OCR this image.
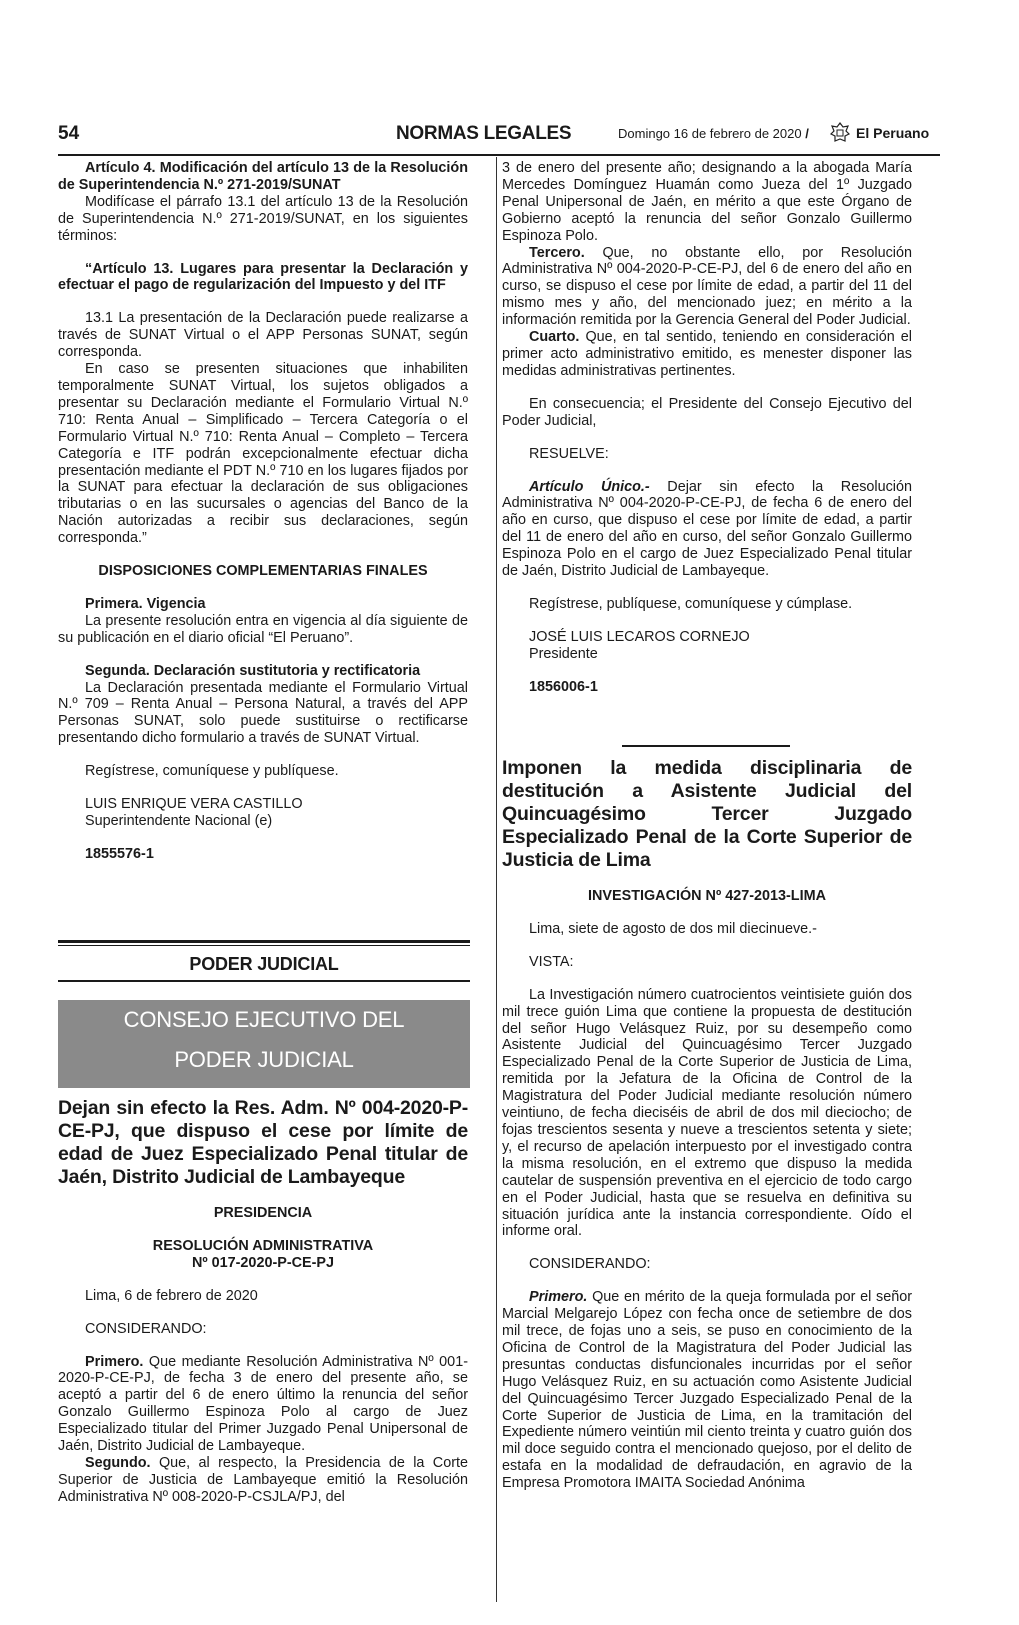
54	NORMAS LEGALES	Domingo 16 de febrero de 2020 /	El Peruano

Artículo 4. Modificación del artículo 13 de la Resolución de Superintendencia N.º 271-2019/SUNAT

Modifícase el párrafo 13.1 del artículo 13 de la Resolución de Superintendencia N.º 271-2019/SUNAT, en los siguientes términos:

“Artículo 13. Lugares para presentar la Declaración y efectuar el pago de regularización del Impuesto y del ITF

13.1 La presentación de la Declaración puede realizarse a través de SUNAT Virtual o el APP Personas SUNAT, según corresponda.

En caso se presenten situaciones que inhabiliten temporalmente SUNAT Virtual, los sujetos obligados a presentar su Declaración mediante el Formulario Virtual N.º 710: Renta Anual – Simplificado – Tercera Categoría o el Formulario Virtual N.º 710: Renta Anual – Completo – Tercera Categoría e ITF podrán excepcionalmente efectuar dicha presentación mediante el PDT N.º 710 en los lugares fijados por la SUNAT para efectuar la declaración de sus obligaciones tributarias o en las sucursales o agencias del Banco de la Nación autorizadas a recibir sus declaraciones, según corresponda.”

DISPOSICIONES COMPLEMENTARIAS FINALES

Primera. Vigencia

La presente resolución entra en vigencia al día siguiente de su publicación en el diario oficial “El Peruano”.

Segunda. Declaración sustitutoria y rectificatoria

La Declaración presentada mediante el Formulario Virtual N.º 709 – Renta Anual – Persona Natural, a través del APP Personas SUNAT, solo puede sustituirse o rectificarse presentando dicho formulario a través de SUNAT Virtual.

Regístrese, comuníquese y publíquese.

LUIS ENRIQUE VERA CASTILLO

Superintendente Nacional (e)

1855576-1

PODER JUDICIAL
CONSEJO EJECUTIVO DEL
PODER JUDICIAL

Dejan sin efecto la Res. Adm. Nº 004-2020-P-CE-PJ, que dispuso el cese por límite de edad de Juez Especializado Penal titular de Jaén, Distrito Judicial de Lambayeque

PRESIDENCIA

RESOLUCIÓN ADMINISTRATIVA

Nº 017-2020-P-CE-PJ

Lima, 6 de febrero de 2020

CONSIDERANDO:

Primero. Que mediante Resolución Administrativa Nº 001-2020-P-CE-PJ, de fecha 3 de enero del presente año, se aceptó a partir del 6 de enero último la renuncia del señor Gonzalo Guillermo Espinoza Polo al cargo de Juez Especializado titular del Primer Juzgado Penal Unipersonal de Jaén, Distrito Judicial de Lambayeque.

Segundo. Que, al respecto, la Presidencia de la Corte Superior de Justicia de Lambayeque emitió la Resolución Administrativa Nº 008-2020-P-CSJLA/PJ, del

3 de enero del presente año; designando a la abogada María Mercedes Domínguez Huamán como Jueza del 1º Juzgado Penal Unipersonal de Jaén, en mérito a que este Órgano de Gobierno aceptó la renuncia del señor Gonzalo Guillermo Espinoza Polo.

Tercero. Que, no obstante ello, por Resolución Administrativa Nº 004-2020-P-CE-PJ, del 6 de enero del año en curso, se dispuso el cese por límite de edad, a partir del 11 del mismo mes y año, del mencionado juez; en mérito a la información remitida por la Gerencia General del Poder Judicial.

Cuarto. Que, en tal sentido, teniendo en consideración el primer acto administrativo emitido, es menester disponer las medidas administrativas pertinentes.

En consecuencia; el Presidente del Consejo Ejecutivo del Poder Judicial,

RESUELVE:

Artículo Único.- Dejar sin efecto la Resolución Administrativa Nº 004-2020-P-CE-PJ, de fecha 6 de enero del año en curso, que dispuso el cese por límite de edad, a partir del 11 de enero del año en curso, del señor Gonzalo Guillermo Espinoza Polo en el cargo de Juez Especializado Penal titular de Jaén, Distrito Judicial de Lambayeque.

Regístrese, publíquese, comuníquese y cúmplase.

JOSÉ LUIS LECAROS CORNEJO

Presidente

1856006-1

Imponen la medida disciplinaria de destitución a Asistente Judicial del Quincuagésimo Tercer Juzgado Especializado Penal de la Corte Superior de Justicia de Lima

INVESTIGACIÓN Nº 427-2013-LIMA

Lima, siete de agosto de dos mil diecinueve.-

VISTA:

La Investigación número cuatrocientos veintisiete guión dos mil trece guión Lima que contiene la propuesta de destitución del señor Hugo Velásquez Ruiz, por su desempeño como Asistente Judicial del Quincuagésimo Tercer Juzgado Especializado Penal de la Corte Superior de Justicia de Lima, remitida por la Jefatura de la Oficina de Control de la Magistratura del Poder Judicial mediante resolución número veintiuno, de fecha dieciséis de abril de dos mil dieciocho; de fojas trescientos sesenta y nueve a trescientos setenta y siete; y, el recurso de apelación interpuesto por el investigado contra la misma resolución, en el extremo que dispuso la medida cautelar de suspensión preventiva en el ejercicio de todo cargo en el Poder Judicial, hasta que se resuelva en definitiva su situación jurídica ante la instancia correspondiente. Oído el informe oral.

CONSIDERANDO:

Primero. Que en mérito de la queja formulada por el señor Marcial Melgarejo López con fecha once de setiembre de dos mil trece, de fojas uno a seis, se puso en conocimiento de la Oficina de Control de la Magistratura del Poder Judicial las presuntas conductas disfuncionales incurridas por el señor Hugo Velásquez Ruiz, en su actuación como Asistente Judicial del Quincuagésimo Tercer Juzgado Especializado Penal de la Corte Superior de Justicia de Lima, en la tramitación del Expediente número veintiún mil ciento treinta y cuatro guión dos mil doce seguido contra el mencionado quejoso, por el delito de estafa en la modalidad de defraudación, en agravio de la Empresa Promotora IMAITA Sociedad Anónima
